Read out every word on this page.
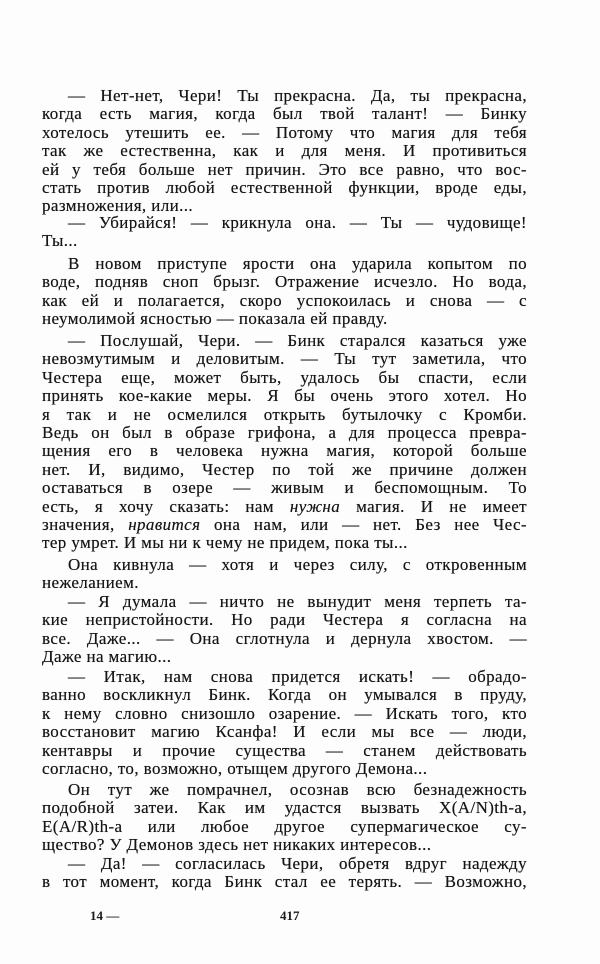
— Нет-нет, Чери! Ты прекрасна. Да, ты прекрасна,
когда есть магия, когда был твой талант! — Бинку
хотелось утешить ее. — Потому что магия для тебя
так же естественна, как и для меня. И противиться
ей у тебя больше нет причин. Это все равно, что вос-
стать против любой естественной функции, вроде еды,
размножения, или...
— Убирайся! — крикнула она. — Ты — чудовище!
Ты...
В новом приступе ярости она ударила копытом по
воде, подняв сноп брызг. Отражение исчезло. Но вода,
как ей и полагается, скоро успокоилась и снова — с
неумолимой ясностью — показала ей правду.
— Послушай, Чери. — Бинк старался казаться уже
невозмутимым и деловитым. — Ты тут заметила, что
Честера еще, может быть, удалось бы спасти, если
принять кое-какие меры. Я бы очень этого хотел. Но
я так и не осмелился открыть бутылочку с Кромби.
Ведь он был в образе грифона, а для процесса превра-
щения его в человека нужна магия, которой больше
нет. И, видимо, Честер по той же причине должен
оставаться в озере — живым и беспомощным. То
есть, я хочу сказать: нам нужна магия. И не имеет
значения, нравится она нам, или — нет. Без нее Чес-
тер умрет. И мы ни к чему не придем, пока ты...
Она кивнула — хотя и через силу, с откровенным
нежеланием.
— Я думала — ничто не вынудит меня терпеть та-
кие непристойности. Но ради Честера я согласна на
все. Даже... — Она сглотнула и дернула хвостом. —
Даже на магию...
— Итак, нам снова придется искать! — обрадо-
ванно воскликнул Бинк. Когда он умывался в пруду,
к нему словно снизошло озарение. — Искать того, кто
восстановит магию Ксанфа! И если мы все — люди,
кентавры и прочие существа — станем действовать
согласно, то, возможно, отыщем другого Демона...
Он тут же помрачнел, осознав всю безнадежность
подобной затеи. Как им удастся вызвать X(A/N)th-a,
E(A/R)th-a или любое другое супермагическое су-
щество? У Демонов здесь нет никаких интересов...
— Да! — согласилась Чери, обретя вдруг надежду
в тот момент, когда Бинк стал ее терять. — Возможно,
14 —	417
